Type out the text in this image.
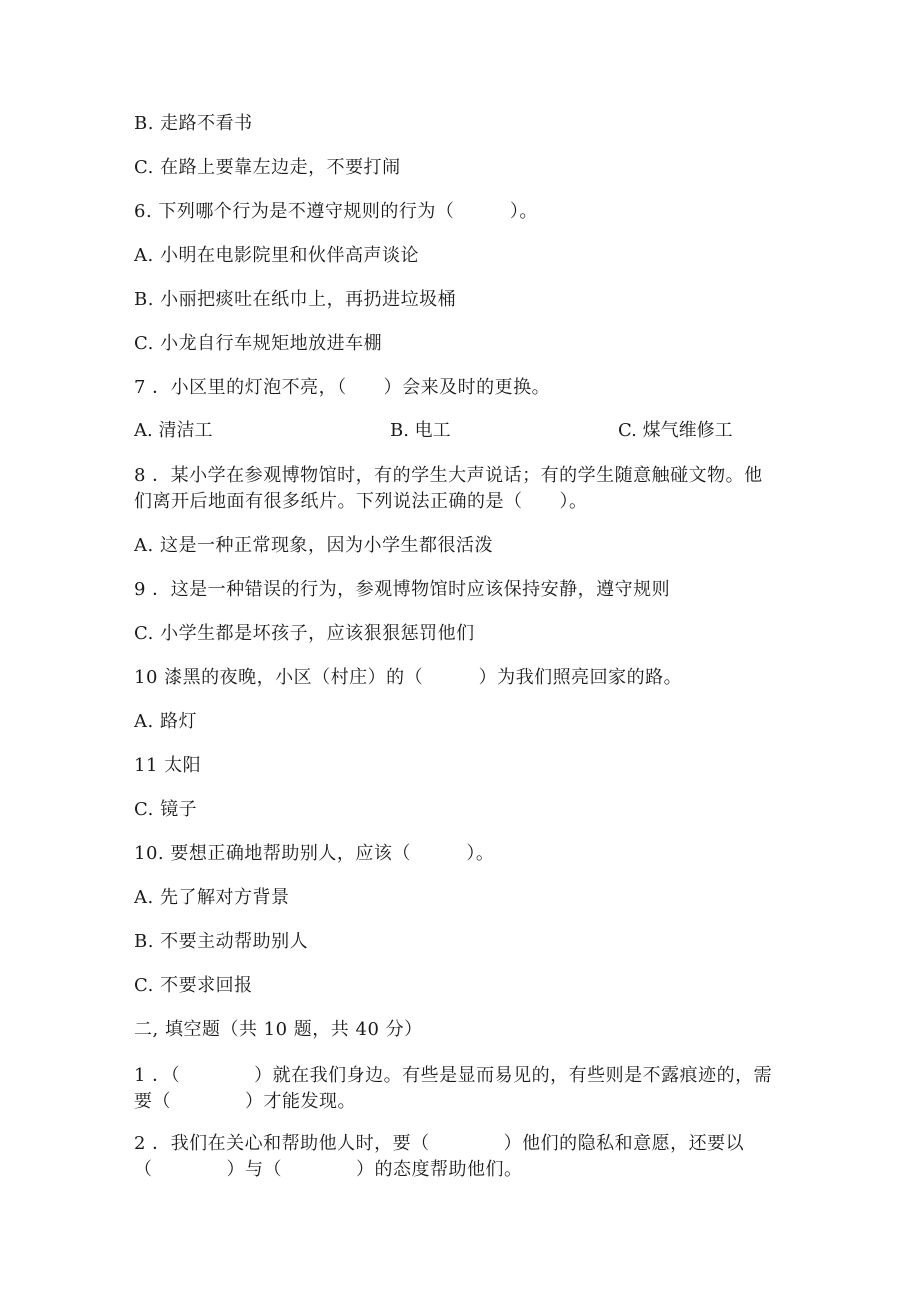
B. 走路不看书
C. 在路上要靠左边走，不要打闹
6. 下列哪个行为是不遵守规则的行为（　　　）。
A. 小明在电影院里和伙伴高声谈论
B. 小丽把痰吐在纸巾上，再扔进垃圾桶
C. 小龙自行车规矩地放进车棚
7 ．小区里的灯泡不亮，（　　）会来及时的更换。
A. 清洁工	B. 电工	C. 煤气维修工
8 ．某小学在参观博物馆时，有的学生大声说话；有的学生随意触碰文物。他
们离开后地面有很多纸片。下列说法正确的是（　　）。
A. 这是一种正常现象，因为小学生都很活泼
9 ．这是一种错误的行为，参观博物馆时应该保持安静，遵守规则
C. 小学生都是坏孩子，应该狠狠惩罚他们
10 漆黑的夜晚，小区（村庄）的（　　　）为我们照亮回家的路。
A. 路灯
11 太阳
C. 镜子
10. 要想正确地帮助别人，应该（　　　）。
A. 先了解对方背景
B. 不要主动帮助别人
C. 不要求回报
二, 填空题（共 10 题，共 40 分）
1 ．（　　　　）就在我们身边。有些是显而易见的，有些则是不露痕迹的，需
要（　　　　）才能发现。
2 ．我们在关心和帮助他人时，要（　　　　）他们的隐私和意愿，还要以
（　　　　）与（　　　　）的态度帮助他们。
